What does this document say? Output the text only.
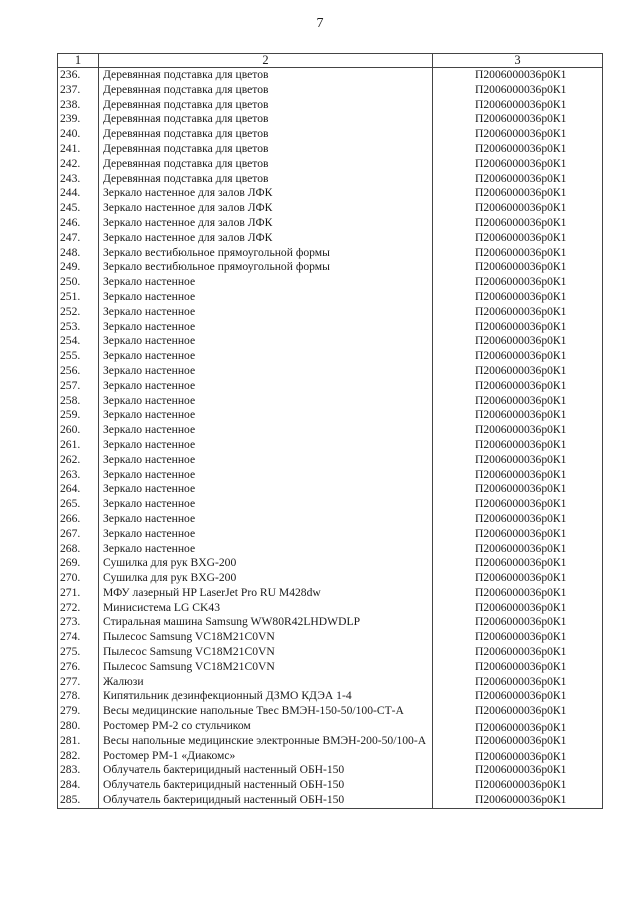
7
1	2	3
236.	Деревянная подставка для цветов	П2006000036р0К1
237.	Деревянная подставка для цветов	П2006000036р0К1
238.	Деревянная подставка для цветов	П2006000036р0К1
239.	Деревянная подставка для цветов	П2006000036р0К1
240.	Деревянная подставка для цветов	П2006000036р0К1
241.	Деревянная подставка для цветов	П2006000036р0К1
242.	Деревянная подставка для цветов	П2006000036р0К1
243.	Деревянная подставка для цветов	П2006000036р0К1
244.	Зеркало настенное для залов ЛФК	П2006000036р0К1
245.	Зеркало настенное для залов ЛФК	П2006000036р0К1
246.	Зеркало настенное для залов ЛФК	П2006000036р0К1
247.	Зеркало настенное для залов ЛФК	П2006000036р0К1
248.	Зеркало вестибюльное прямоугольной формы	П2006000036р0К1
249.	Зеркало вестибюльное прямоугольной формы	П2006000036р0К1
250.	Зеркало настенное	П2006000036р0К1
251.	Зеркало настенное	П2006000036р0К1
252.	Зеркало настенное	П2006000036р0К1
253.	Зеркало настенное	П2006000036р0К1
254.	Зеркало настенное	П2006000036р0К1
255.	Зеркало настенное	П2006000036р0К1
256.	Зеркало настенное	П2006000036р0К1
257.	Зеркало настенное	П2006000036р0К1
258.	Зеркало настенное	П2006000036р0К1
259.	Зеркало настенное	П2006000036р0К1
260.	Зеркало настенное	П2006000036р0К1
261.	Зеркало настенное	П2006000036р0К1
262.	Зеркало настенное	П2006000036р0К1
263.	Зеркало настенное	П2006000036р0К1
264.	Зеркало настенное	П2006000036р0К1
265.	Зеркало настенное	П2006000036р0К1
266.	Зеркало настенное	П2006000036р0К1
267.	Зеркало настенное	П2006000036р0К1
268.	Зеркало настенное	П2006000036р0К1
269.	Сушилка для рук BXG-200	П2006000036р0К1
270.	Сушилка для рук BXG-200	П2006000036р0К1
271.	МФУ лазерный HP LaserJet Pro RU M428dw	П2006000036р0К1
272.	Минисистема LG CK43	П2006000036р0К1
273.	Стиральная машина Samsung WW80R42LHDWDLP	П2006000036р0К1
274.	Пылесос Samsung VC18M21C0VN	П2006000036р0К1
275.	Пылесос Samsung VC18M21C0VN	П2006000036р0К1
276.	Пылесос Samsung VC18M21C0VN	П2006000036р0К1
277.	Жалюзи	П2006000036р0К1
278.	Кипятильник дезинфекционный ДЗМО КДЭА 1-4	П2006000036р0К1
279.	Весы медицинские напольные Твес ВМЭН-150-50/100-СТ-А	П2006000036р0К1
280.	Ростомер РМ-2 со стульчиком	П2006000036р0К1
281.	Весы напольные медицинские электронные ВМЭН-200-50/100-А	П2006000036р0К1
282.	Ростомер РМ-1 «Диакомс»	П2006000036р0К1
283.	Облучатель бактерицидный настенный ОБН-150	П2006000036р0К1
284.	Облучатель бактерицидный настенный ОБН-150	П2006000036р0К1
285.	Облучатель бактерицидный настенный ОБН-150	П2006000036р0К1
